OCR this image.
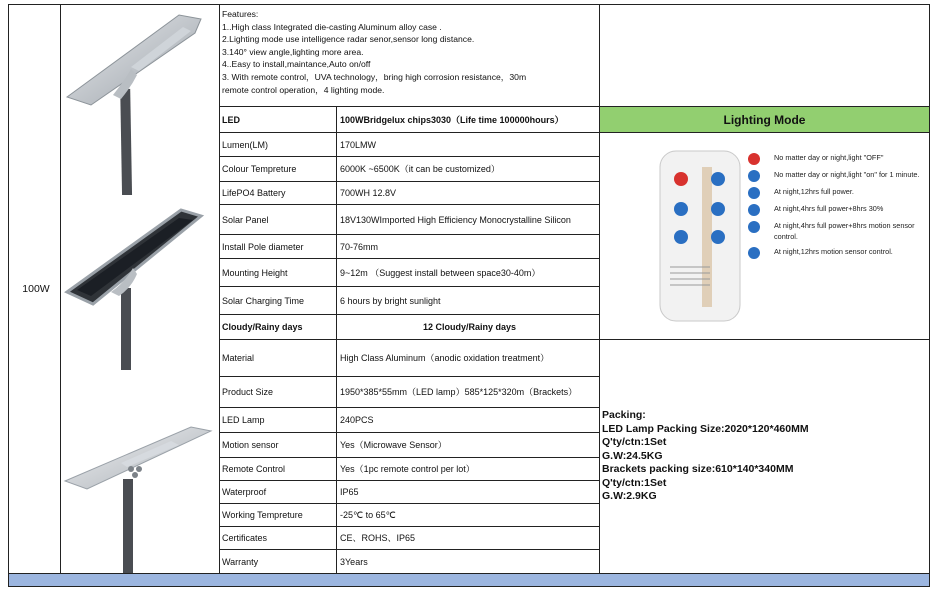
100W
Features:
1..High class Integrated die-casting Aluminum alloy case .
2.Lighting mode use intelligence radar senor,sensor long distance.
3.140° view angle,lighting more area.
4..Easy to install,maintance,Auto on/off
3. With remote control，UVA technology，bring high corrosion resistance，30m
remote control operation，4 lighting mode.
LED	100WBridgelux chips3030（Life time 100000hours）
Lumen(LM)	170LMW
Colour Tempreture	6000K ~6500K（it can be customized）
LifePO4 Battery	700WH 12.8V
Solar Panel	18V130WImported High Efficiency Monocrystalline Silicon
Install Pole diameter	70-76mm
Mounting Height	9~12m （Suggest install between space30-40m）
Solar Charging Time	6 hours by bright sunlight
Cloudy/Rainy days	12 Cloudy/Rainy days
Lighting Mode
No matter day or night,light "OFF"
No matter day or night,light "on" for 1 minute.
At night,12hrs full power.
At night,4hrs full power+8hrs 30%
At night,4hrs full power+8hrs motion sensor control.
At night,12hrs motion sensor control.
Material	High Class Aluminum（anodic oxidation treatment）
Product Size	1950*385*55mm（LED lamp）585*125*320m（Brackets）
LED Lamp	240PCS
Motion sensor	Yes（Microwave Sensor）
Remote Control	Yes（1pc remote control per lot）
Waterproof	IP65
Working Tempreture	-25℃ to 65℃
Certificates	CE、ROHS、IP65
Warranty	3Years
Packing:
LED Lamp Packing Size:2020*120*460MM
Q'ty/ctn:1Set
G.W:24.5KG
Brackets packing size:610*140*340MM
Q'ty/ctn:1Set
G.W:2.9KG
